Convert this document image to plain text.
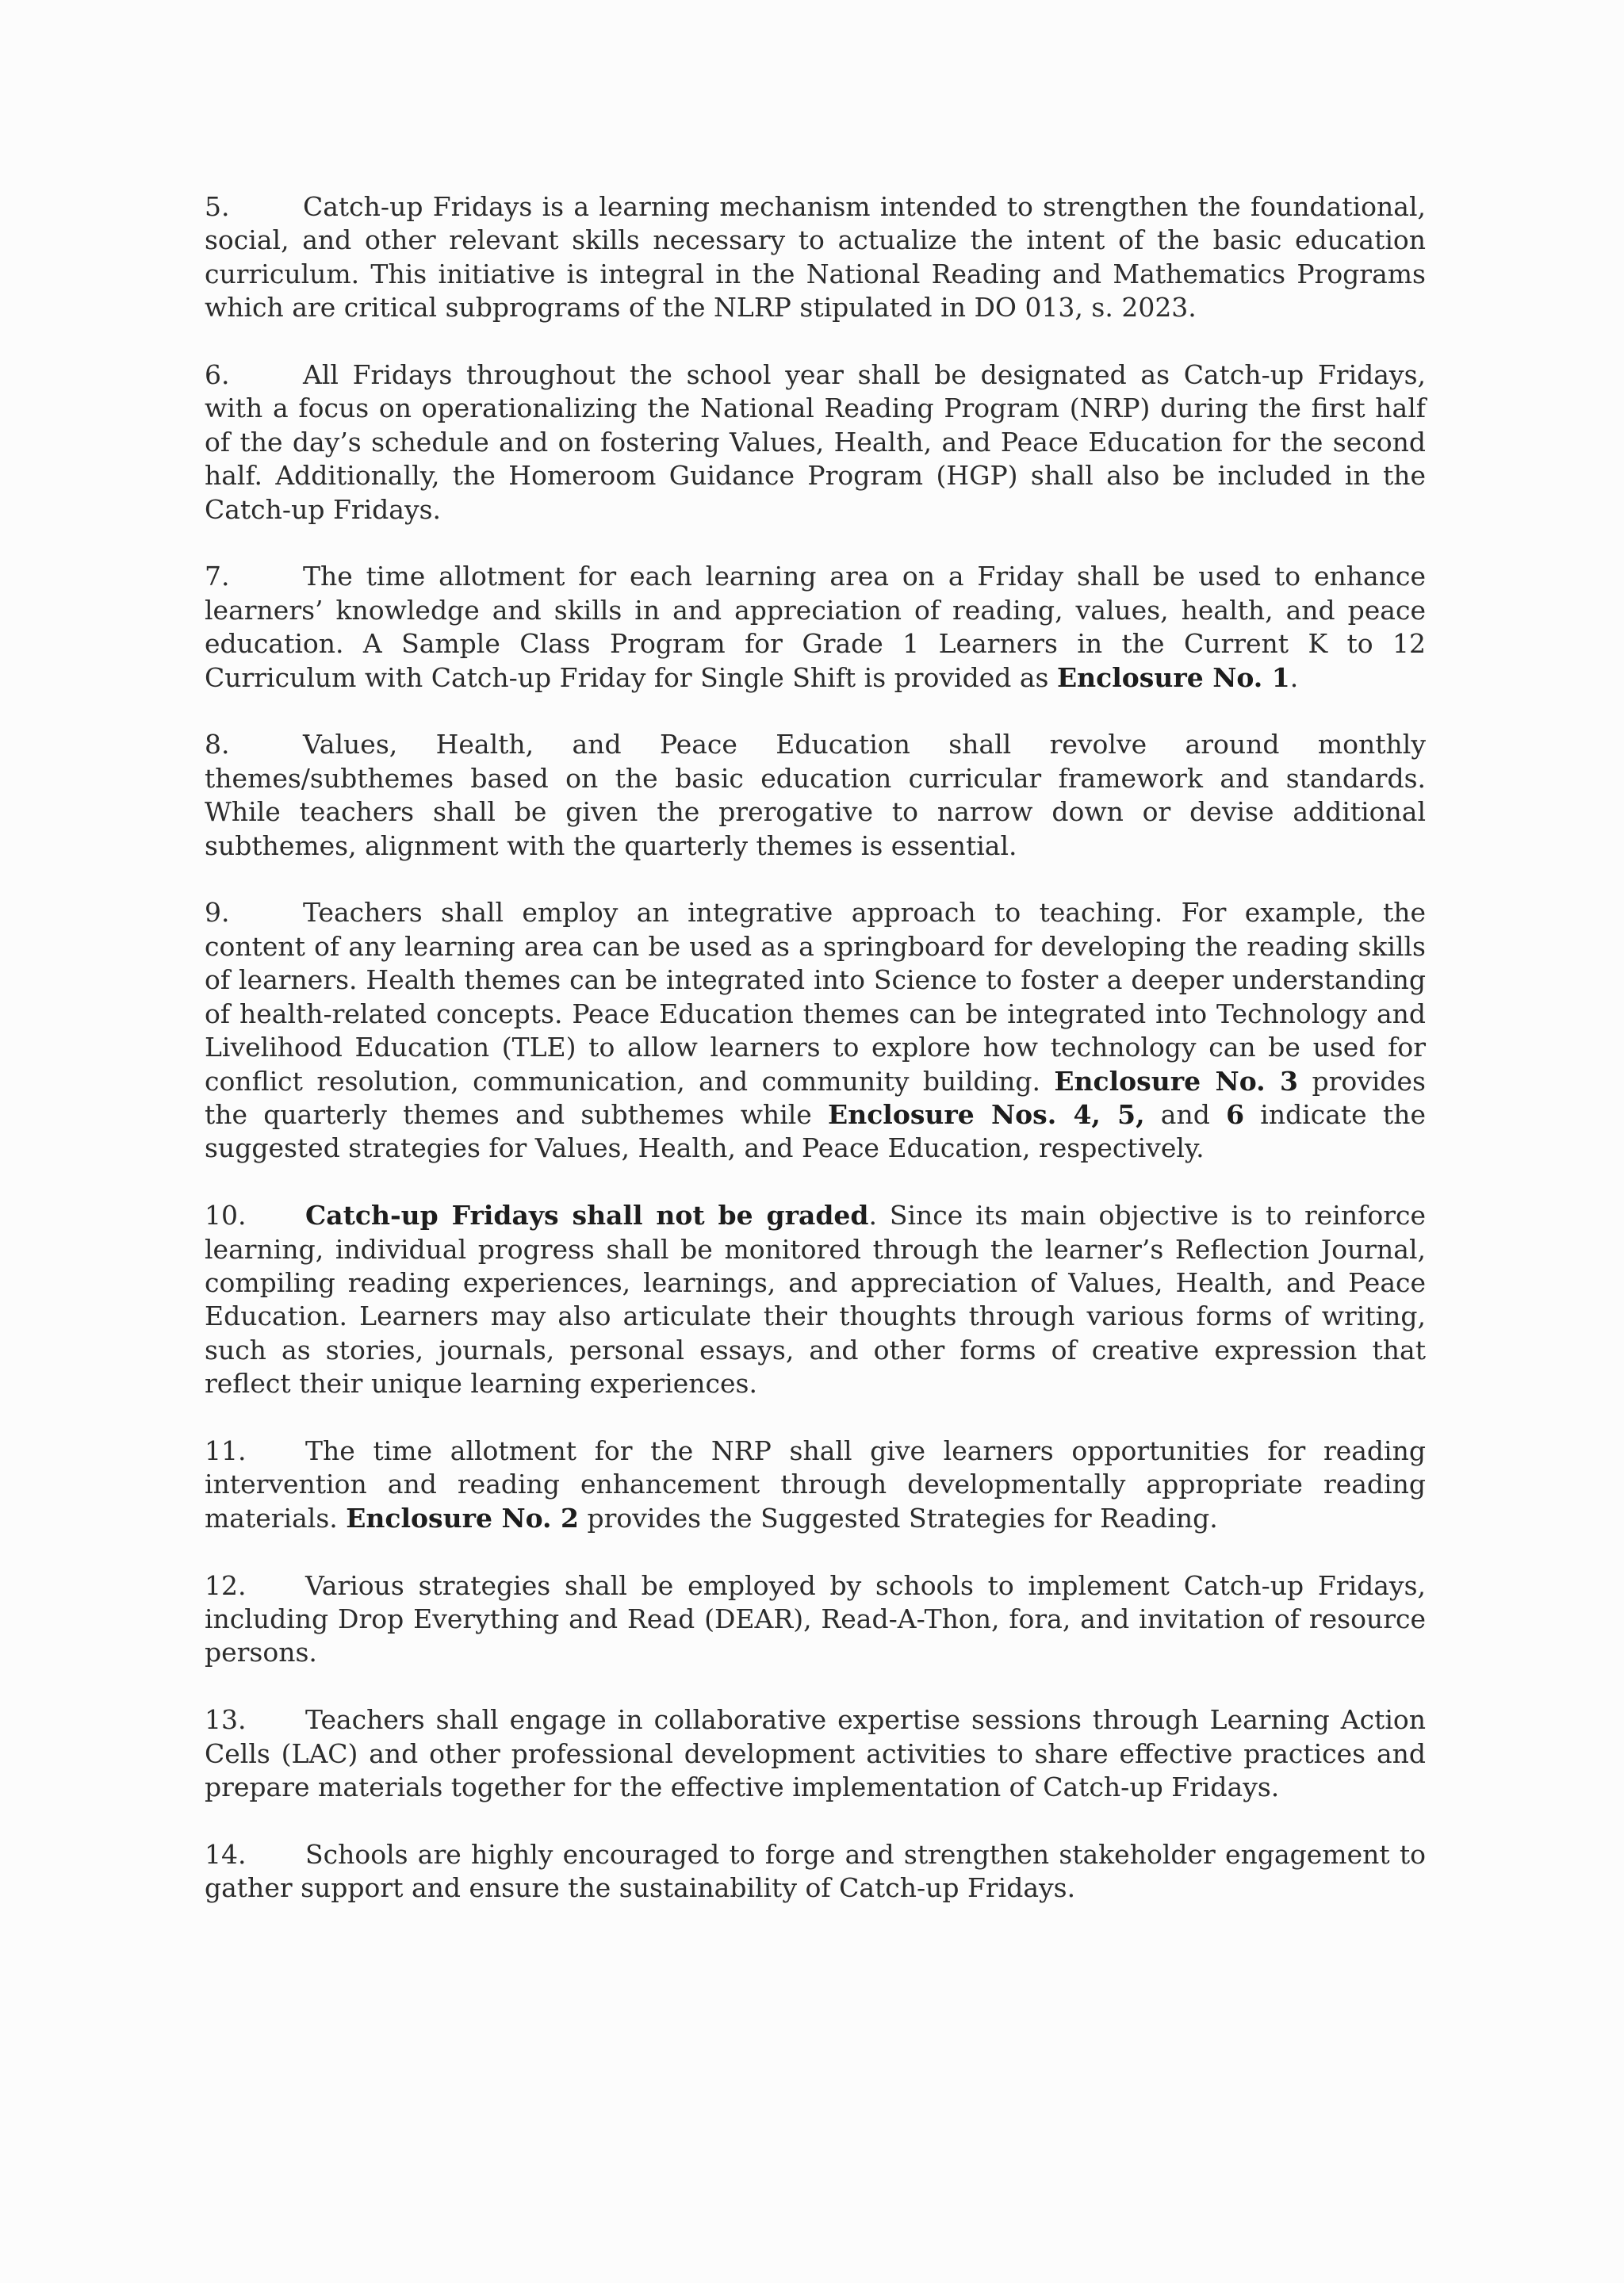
5.	Catch-up Fridays is a learning mechanism intended to strengthen the foundational, social, and other relevant skills necessary to actualize the intent of the basic education curriculum. This initiative is integral in the National Reading and Mathematics Programs which are critical subprograms of the NLRP stipulated in DO 013, s. 2023.

6.	All Fridays throughout the school year shall be designated as Catch-up Fridays, with a focus on operationalizing the National Reading Program (NRP) during the first half of the day’s schedule and on fostering Values, Health, and Peace Education for the second half. Additionally, the Homeroom Guidance Program (HGP) shall also be included in the Catch-up Fridays.

7.	The time allotment for each learning area on a Friday shall be used to enhance learners’ knowledge and skills in and appreciation of reading, values, health, and peace education. A Sample Class Program for Grade 1 Learners in the Current K to 12 Curriculum with Catch-up Friday for Single Shift is provided as Enclosure No. 1.

8.	Values, Health, and Peace Education shall revolve around monthly themes/subthemes based on the basic education curricular framework and standards. While teachers shall be given the prerogative to narrow down or devise additional subthemes, alignment with the quarterly themes is essential.

9.	Teachers shall employ an integrative approach to teaching. For example, the content of any learning area can be used as a springboard for developing the reading skills of learners. Health themes can be integrated into Science to foster a deeper understanding of health-related concepts. Peace Education themes can be integrated into Technology and Livelihood Education (TLE) to allow learners to explore how technology can be used for conflict resolution, communication, and community building. Enclosure No. 3 provides the quarterly themes and subthemes while Enclosure Nos. 4, 5, and 6 indicate the suggested strategies for Values, Health, and Peace Education, respectively.

10. Catch-up Fridays shall not be graded. Since its main objective is to reinforce learning, individual progress shall be monitored through the learner’s Reflection Journal, compiling reading experiences, learnings, and appreciation of Values, Health, and Peace Education. Learners may also articulate their thoughts through various forms of writing, such as stories, journals, personal essays, and other forms of creative expression that reflect their unique learning experiences.

11. The time allotment for the NRP shall give learners opportunities for reading intervention and reading enhancement through developmentally appropriate reading materials. Enclosure No. 2 provides the Suggested Strategies for Reading.

12. Various strategies shall be employed by schools to implement Catch-up Fridays, including Drop Everything and Read (DEAR), Read-A-Thon, fora, and invitation of resource persons.

13. Teachers shall engage in collaborative expertise sessions through Learning Action Cells (LAC) and other professional development activities to share effective practices and prepare materials together for the effective implementation of Catch-up Fridays.

14. Schools are highly encouraged to forge and strengthen stakeholder engagement to gather support and ensure the sustainability of Catch-up Fridays.
